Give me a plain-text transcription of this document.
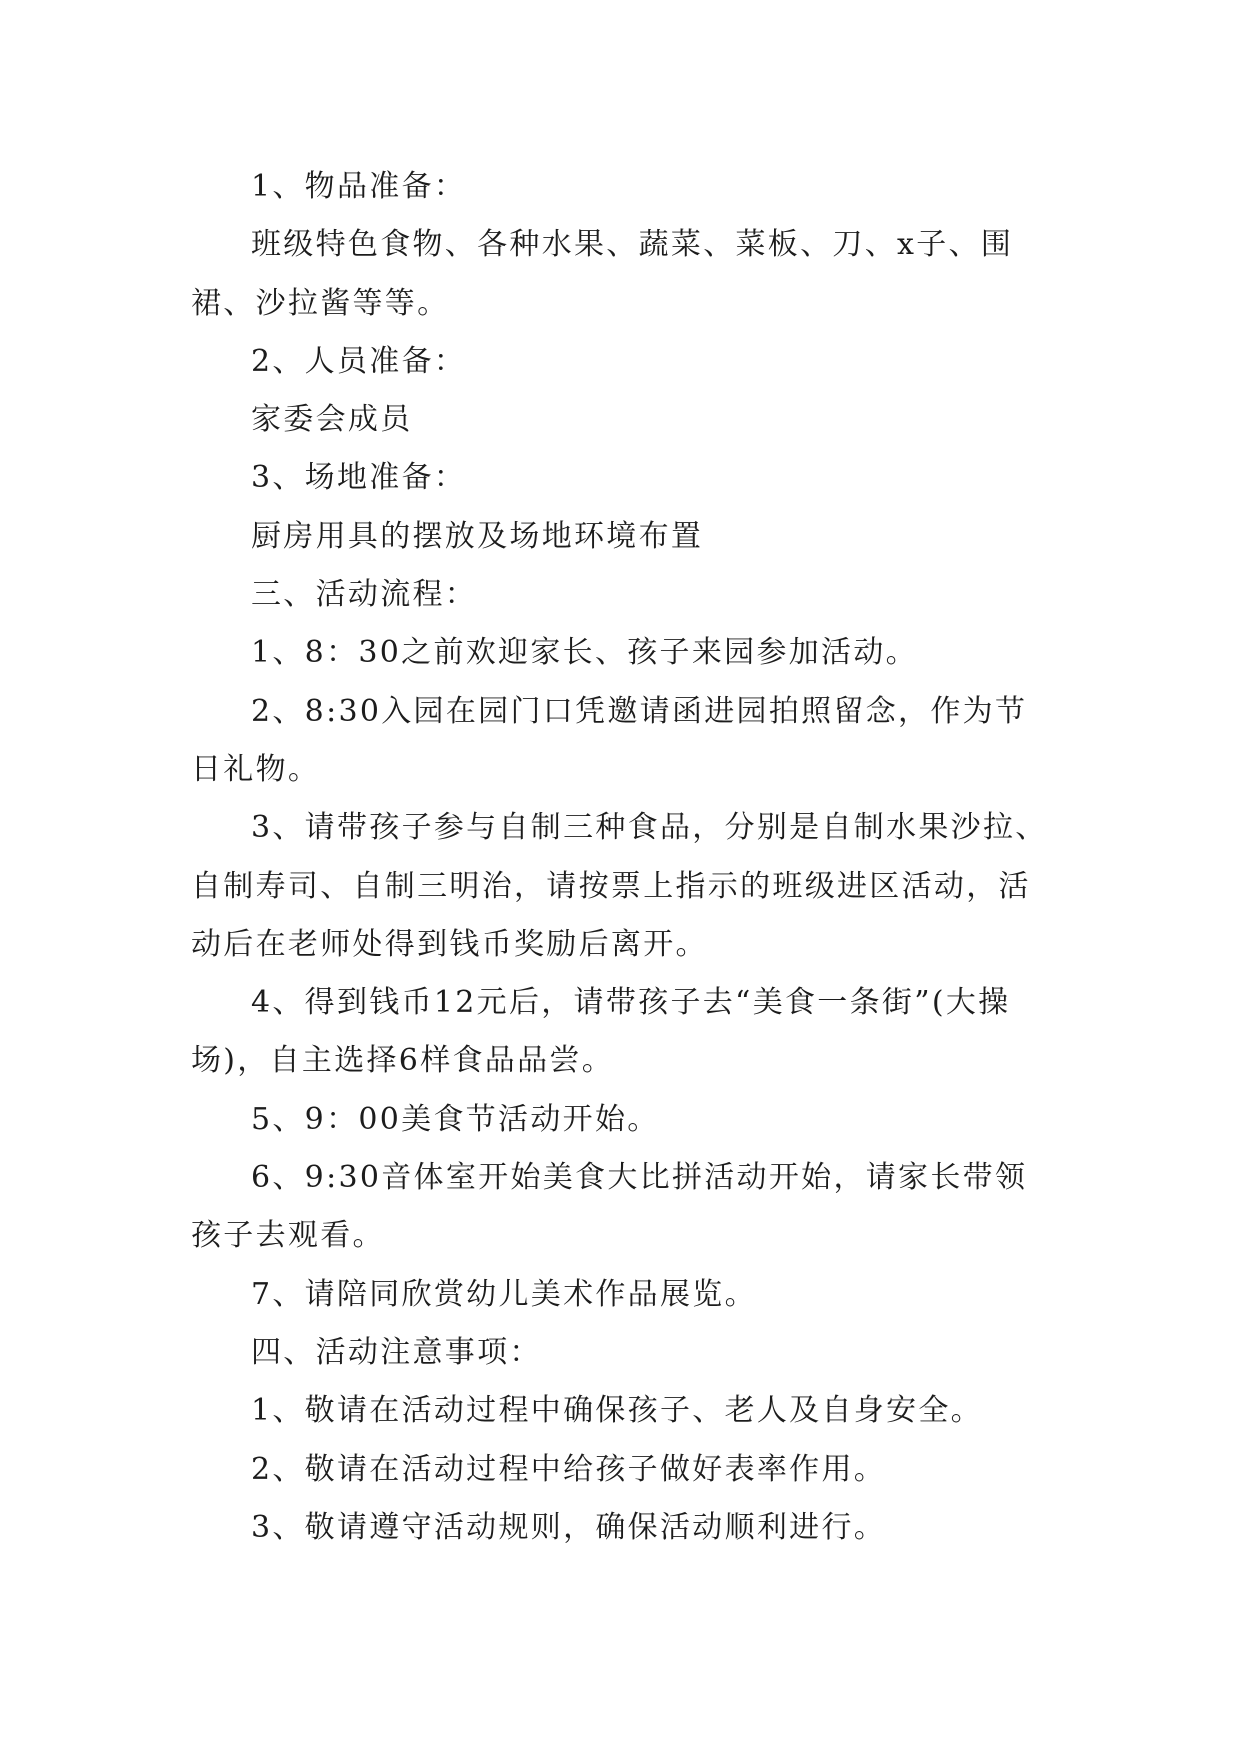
1、物品准备：

班级特色食物、各种水果、蔬菜、菜板、刀、x子、围裙、沙拉酱等等。

2、人员准备：

家委会成员

3、场地准备：

厨房用具的摆放及场地环境布置

三、活动流程：

1、8：30之前欢迎家长、孩子来园参加活动。

2、8:30入园在园门口凭邀请函进园拍照留念，作为节日礼物。

3、请带孩子参与自制三种食品，分别是自制水果沙拉、自制寿司、自制三明治，请按票上指示的班级进区活动，活动后在老师处得到钱币奖励后离开。

4、得到钱币12元后，请带孩子去“美食一条街”(大操场)，自主选择6样食品品尝。

5、9：00美食节活动开始。

6、9:30音体室开始美食大比拼活动开始，请家长带领孩子去观看。

7、请陪同欣赏幼儿美术作品展览。

四、活动注意事项：

1、敬请在活动过程中确保孩子、老人及自身安全。

2、敬请在活动过程中给孩子做好表率作用。

3、敬请遵守活动规则，确保活动顺利进行。
